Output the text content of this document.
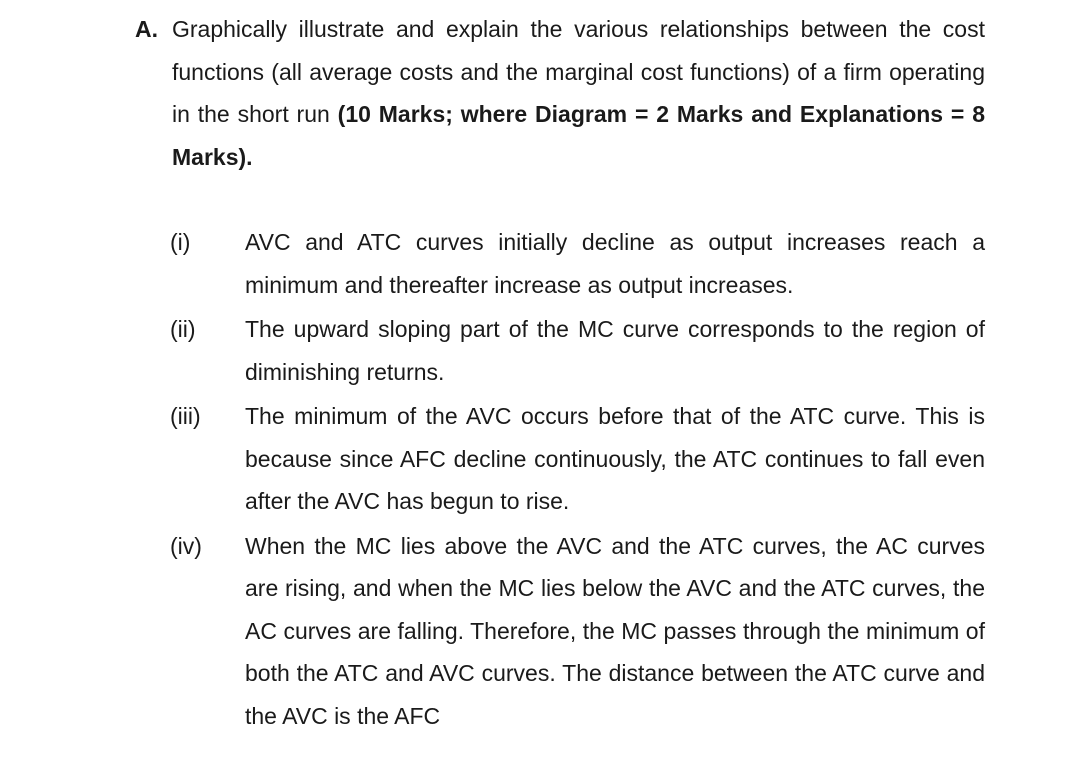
A. Graphically illustrate and explain the various relationships between the cost functions (all average costs and the marginal cost functions) of a firm operating in the short run (10 Marks; where Diagram = 2 Marks and Explanations = 8 Marks).
(i) AVC and ATC curves initially decline as output increases reach a minimum and thereafter increase as output increases.
(ii) The upward sloping part of the MC curve corresponds to the region of diminishing returns.
(iii) The minimum of the AVC occurs before that of the ATC curve. This is because since AFC decline continuously, the ATC continues to fall even after the AVC has begun to rise.
(iv) When the MC lies above the AVC and the ATC curves, the AC curves are rising, and when the MC lies below the AVC and the ATC curves, the AC curves are falling. Therefore, the MC passes through the minimum of both the ATC and AVC curves. The distance between the ATC curve and the AVC is the AFC
